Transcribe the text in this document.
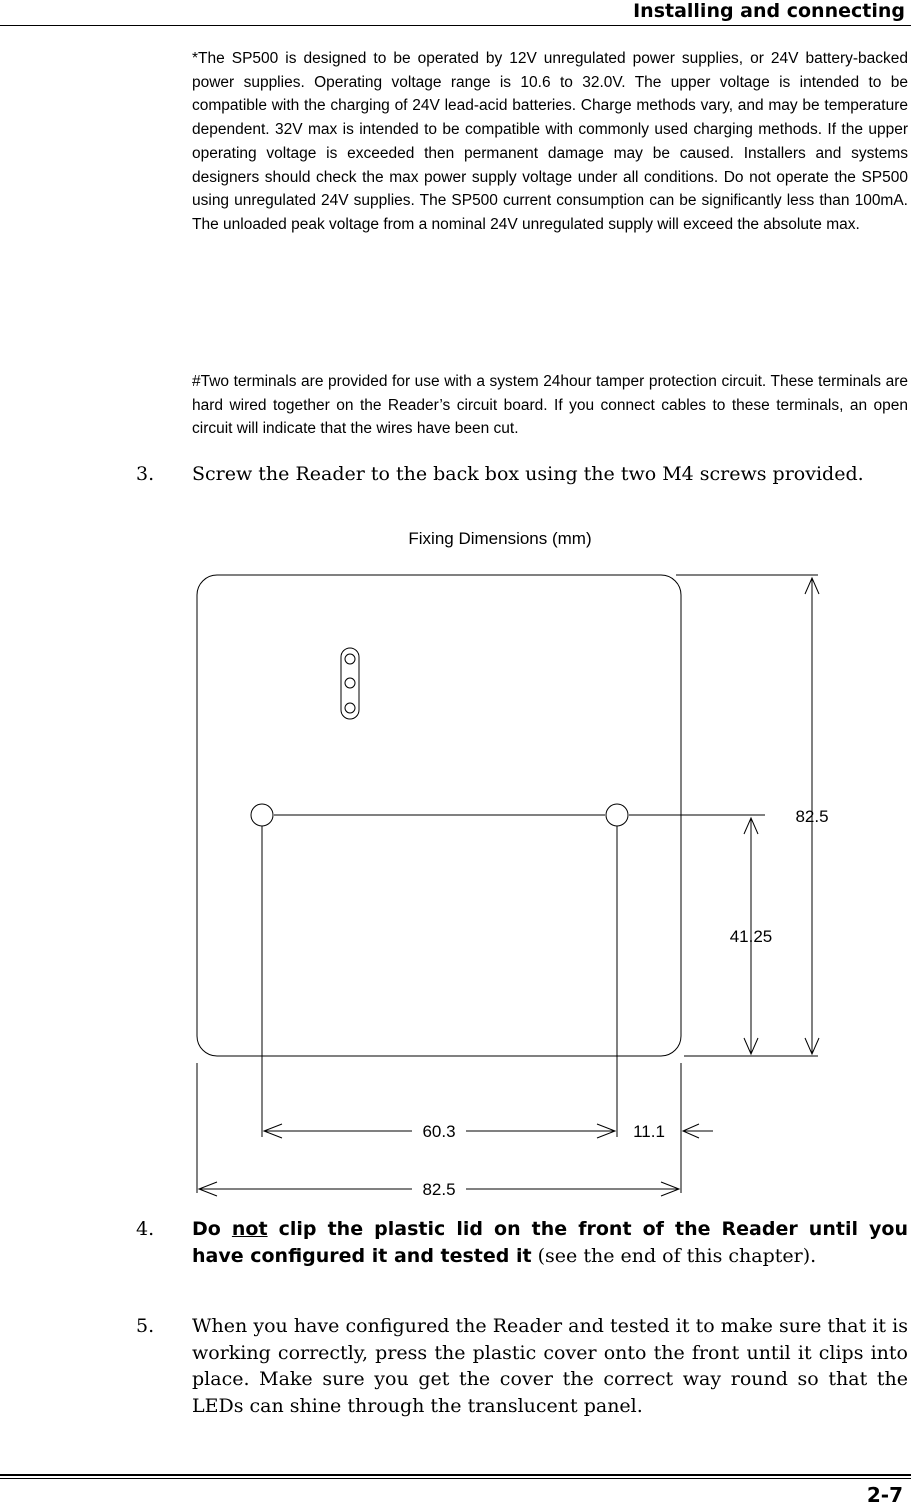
Installing and connecting
*The SP500 is designed to be operated by 12V unregulated power supplies, or 24V battery-backed power supplies. Operating voltage range is 10.6 to 32.0V. The upper voltage is intended to be compatible with the charging of 24V lead-acid batteries. Charge methods vary, and may be temperature dependent. 32V max is intended to be compatible with commonly used charging methods. If the upper operating voltage is exceeded then permanent damage may be caused. Installers and systems designers should check the max power supply voltage under all conditions. Do not operate the SP500 using unregulated 24V supplies. The SP500 current consumption can be significantly less than 100mA. The unloaded peak voltage from a nominal 24V unregulated supply will exceed the absolute max.
#Two terminals are provided for use with a system 24hour tamper protection circuit. These terminals are hard wired together on the Reader’s circuit board. If you connect cables to these terminals, an open circuit will indicate that the wires have been cut.
3. Screw the Reader to the back box using the two M4 screws provided.
Fixing Dimensions (mm)
82.5
41.25
60.3	11.1
82.5
4. Do not clip the plastic lid on the front of the Reader until you have configured it and tested it (see the end of this chapter).
5. When you have configured the Reader and tested it to make sure that it is working correctly, press the plastic cover onto the front until it clips into place. Make sure you get the cover the correct way round so that the LEDs can shine through the translucent panel.
2-7
